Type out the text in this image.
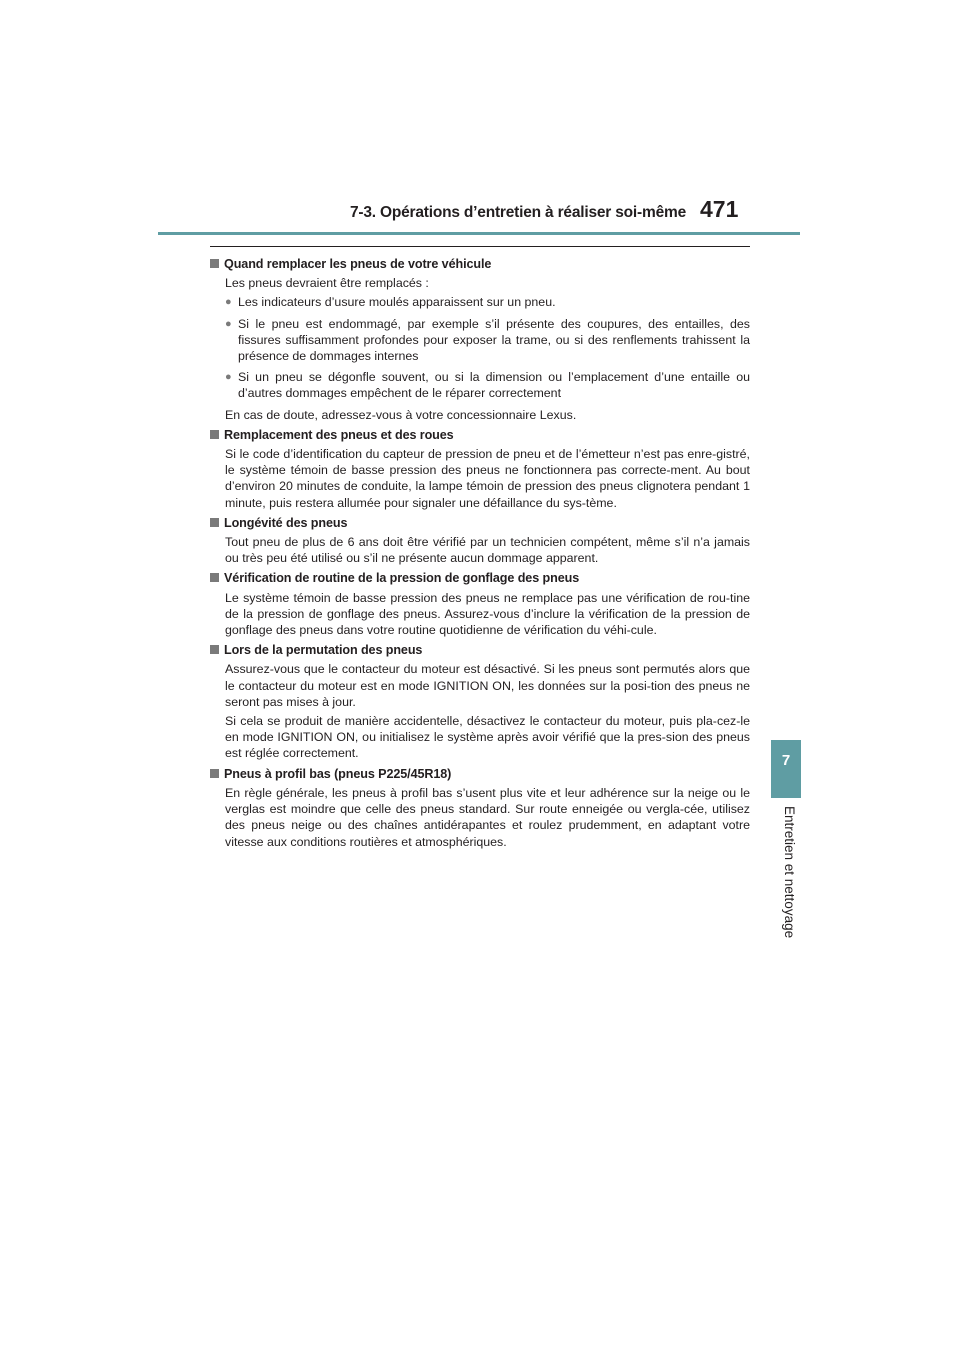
7-3. Opérations d’entretien à réaliser soi-même 471
7
Entretien et nettoyage
Quand remplacer les pneus de votre véhicule
Les pneus devraient être remplacés :
● Les indicateurs d’usure moulés apparaissent sur un pneu.
● Si le pneu est endommagé, par exemple s’il présente des coupures, des entailles, des fissures suffisamment profondes pour exposer la trame, ou si des renflements trahissent la présence de dommages internes
● Si un pneu se dégonfle souvent, ou si la dimension ou l’emplacement d’une entaille ou d’autres dommages empêchent de le réparer correctement
En cas de doute, adressez-vous à votre concessionnaire Lexus.
Remplacement des pneus et des roues
Si le code d’identification du capteur de pression de pneu et de l’émetteur n’est pas enre-gistré, le système témoin de basse pression des pneus ne fonctionnera pas correcte-ment. Au bout d’environ 20 minutes de conduite, la lampe témoin de pression des pneus clignotera pendant 1 minute, puis restera allumée pour signaler une défaillance du sys-tème.
Longévité des pneus
Tout pneu de plus de 6 ans doit être vérifié par un technicien compétent, même s’il n’a jamais ou très peu été utilisé ou s’il ne présente aucun dommage apparent.
Vérification de routine de la pression de gonflage des pneus
Le système témoin de basse pression des pneus ne remplace pas une vérification de rou-tine de la pression de gonflage des pneus. Assurez-vous d’inclure la vérification de la pression de gonflage des pneus dans votre routine quotidienne de vérification du véhi-cule.
Lors de la permutation des pneus
Assurez-vous que le contacteur du moteur est désactivé. Si les pneus sont permutés alors que le contacteur du moteur est en mode IGNITION ON, les données sur la posi-tion des pneus ne seront pas mises à jour.
Si cela se produit de manière accidentelle, désactivez le contacteur du moteur, puis pla-cez-le en mode IGNITION ON, ou initialisez le système après avoir vérifié que la pres-sion des pneus est réglée correctement.
Pneus à profil bas (pneus P225/45R18)
En règle générale, les pneus à profil bas s’usent plus vite et leur adhérence sur la neige ou le verglas est moindre que celle des pneus standard. Sur route enneigée ou vergla-cée, utilisez des pneus neige ou des chaînes antidérapantes et roulez prudemment, en adaptant votre vitesse aux conditions routières et atmosphériques.
